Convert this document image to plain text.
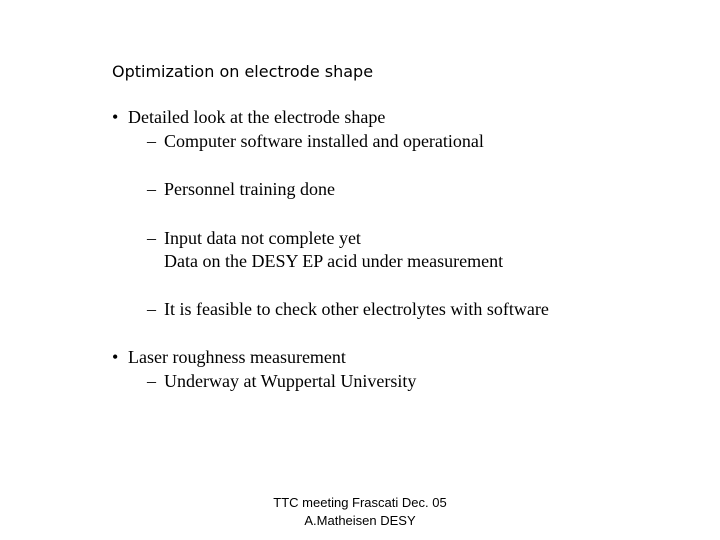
Optimization on electrode shape
• Detailed look at the electrode shape
– Computer software installed and operational
– Personnel training done
– Input data not complete yet
Data on the DESY EP acid under measurement
– It is feasible to check other electrolytes with software
• Laser roughness measurement
– Underway at Wuppertal University
TTC meeting Frascati Dec. 05
A.Matheisen DESY
